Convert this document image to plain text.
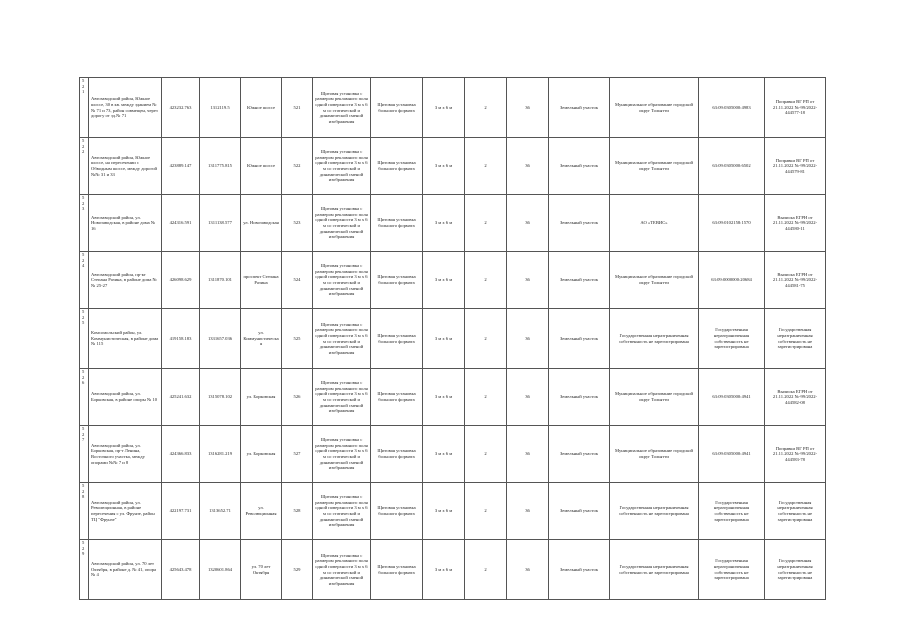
521	Автозаводский район, Южное шоссе, 30 в кв. между зданием №№ 71 и 73, район совмещен, через дорогу от зд.№ 71	423232.763	1312119.5	Южное шоссе	521	Щитовая установка с размером рекламного поля одной поверхности 3 м х 6 м со статической и динамической сменой изображения	Щитовая установка большого формата	3 м х 6 м	2	36	Земельный участок	Муниципальное образование городской округ Тольятти	63:09:0305000:4983	Поправки ВГ РП от 21.11.2022 №-99/2022-444577-18
522	Автозаводский район, Южное шоссе, на пересечении с Обводным шоссе, между дорогой №№ 31 и 33	423889.147	1311775.815	Южное шоссе	522	Щитовая установка с размером рекламного поля одной поверхности 3 м х 6 м со статической и динамической сменой изображения	Щитовая установка большого формата	3 м х 6 м	2	36	Земельный участок	Муниципальное образование городской округ Тольятти	63:09:0305000:6502	Поправки ВГ РП от 21.11.2022 №-99/2022-444579-81
523	Автозаводский район, ул. Новозаводская, в районе дома № 16	424316.591	1311138.577	ул. Новозаводская	523	Щитовая установка с размером рекламного поля одной поверхности 3 м х 6 м со статической и динамической сменой изображения	Щитовая установка большого формата	3 м х 6 м	2	36	Земельный участок	АО «ТЕВИС»	63:09:0102158:1570	Выписка ЕГРН от 21.11.2022 №-99/2022-444580-11
524	Автозаводский район, пр-кт Степана Разина, в районе дома №№ 25-27	426098.629	1311870.101	проспект Степана Разина	524	Щитовая установка с размером рекламного поля одной поверхности 3 м х 6 м со статической и динамической сменой изображения	Щитовая установка большого формата	3 м х 6 м	2	36	Земельный участок	Муниципальное образование городской округ Тольятти	63:09:0000000:20684	Выписка ЕГРН от 21.11.2022 №-99/2022-444581-75
525	Комсомольский район, ул. Коммунистическая, в районе дома № 115	419158.183	1331657.036	ул. Коммунистическая	525	Щитовая установка с размером рекламного поля одной поверхности 3 м х 6 м со статической и динамической сменой изображения	Щитовая установка большого формата	3 м х 6 м	2	36	Земельный участок	Государственная неразграниченная собственность не зарегистрирована	Государственная неразграниченная собственность не зарегистрирована	Государственная неразграниченная собственность не зарегистрирована
526	Автозаводский район, ул. Борковская, в районе опоры № 10	425241.632	1315078.102	ул. Борковская	526	Щитовая установка с размером рекламного поля одной поверхности 3 м х 6 м со статической и динамической сменой изображения	Щитовая установка большого формата	3 м х 6 м	2	36	Земельный участок	Муниципальное образование городской округ Тольятти	63:09:0305000:4941	Выписка ЕГРН от 21.11.2022 №-99/2022-444582-08
527	Автозаводский район, ул. Борковская, пр-т Ленина, Восточного участка, между опорами №№ 7 и 8	424366.833	1316281.219	ул. Борковская	527	Щитовая установка с размером рекламного поля одной поверхности 3 м х 6 м со статической и динамической сменой изображения	Щитовая установка большого формата	3 м х 6 м	2	36	Земельный участок	Муниципальное образование городской округ Тольятти	63:09:0305000:4941	Поправки ВГ РП от 21.11.2022 №-99/2022-444583-78
528	Автозаводский район, ул. Революционная, в районе пересечения с ул. Фрунзе, район ТЦ "Фрунзе"	422197.731	1313652.71	ул. Революционная	528	Щитовая установка с размером рекламного поля одной поверхности 3 м х 6 м со статической и динамической сменой изображения	Щитовая установка большого формата	3 м х 6 м	2	36	Земельный участок	Государственная неразграниченная собственность не зарегистрирована	Государственная неразграниченная собственность не зарегистрирована	Государственная неразграниченная собственность не зарегистрирована
529	Автозаводский район, ул. 70 лет Октября, в районе д. № 41, опора № 4	425643.478	1320601.864	ул. 70 лет Октября	529	Щитовая установка с размером рекламного поля одной поверхности 3 м х 6 м со статической и динамической сменой изображения	Щитовая установка большого формата	3 м х 6 м	2	36	Земельный участок	Государственная неразграниченная собственность не зарегистрирована	Государственная неразграниченная собственность не зарегистрирована	Государственная неразграниченная собственность не зарегистрирована
